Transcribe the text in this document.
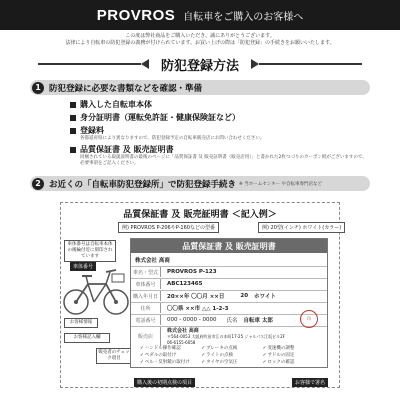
PROVROS 自転車をご購入のお客様へ
この度は弊社商品をご購入いただき、誠にありがとうございます。
法律により自転車の防犯登録の義務が付けられています。お買い上げの際は「防犯登録」の手続きをお願いいたします。
防犯登録方法
1 防犯登録に必要な書類などを確認・準備
購入した自転車本体
身分証明書（運転免許証・健康保険証など）
登録料
各都道府県により異なりますので、防犯登録予定の自転車販売店にお問い合わせください。
品質保証書 及 販売証明書
同梱されている取扱説明書の最後のページに「品質保証書 及 販売証明書（販売店用）」と書かれた2枚つづりのカーボン紙がございますので、必要事項をご記入ください。
2 お近くの「自転車防犯登録所」で防犯登録手続き ※ 当ホームセンター や自転車専門店など
品質保証書 及 販売証明書 ＜記入例＞
例) PROVROS P-206やP-160などの型番	例) 20型(インチ) ホワイト(カラー)
車体番号は自転車本体の後輪付近に刻印されています
車体番号
お客様情報
お客様記入欄
販売者のチェック項目
品質保証書 及 販売証明書
株式会社 高商
車名・型式	PROVROS P-123
車体番号	ABC123465
購入年月日	20××年 〇〇月 ××日	20 ホワイト
住所	〇〇県 ××市 △△ 1-2-3
電話番号	000 - 0000 - 0000 氏名 自転車 太郎
販売店
株式会社 高商
〒564-0053 大阪府吹田市江の木町17-25 ジャルパス江坂ビル2F
06-6155-6058
印
✓ ハンドル操作確認	✓ ブレーキの点検	✓ 変速機の調整
✓ ペダルの取付け	✓ ライトの点検	✓ サドルの固定
✓ ベル・反射鏡の取付け	✓ タイヤの空気圧	✓ ロックの確認
購入後の初期点検の項目	お客様で署名
